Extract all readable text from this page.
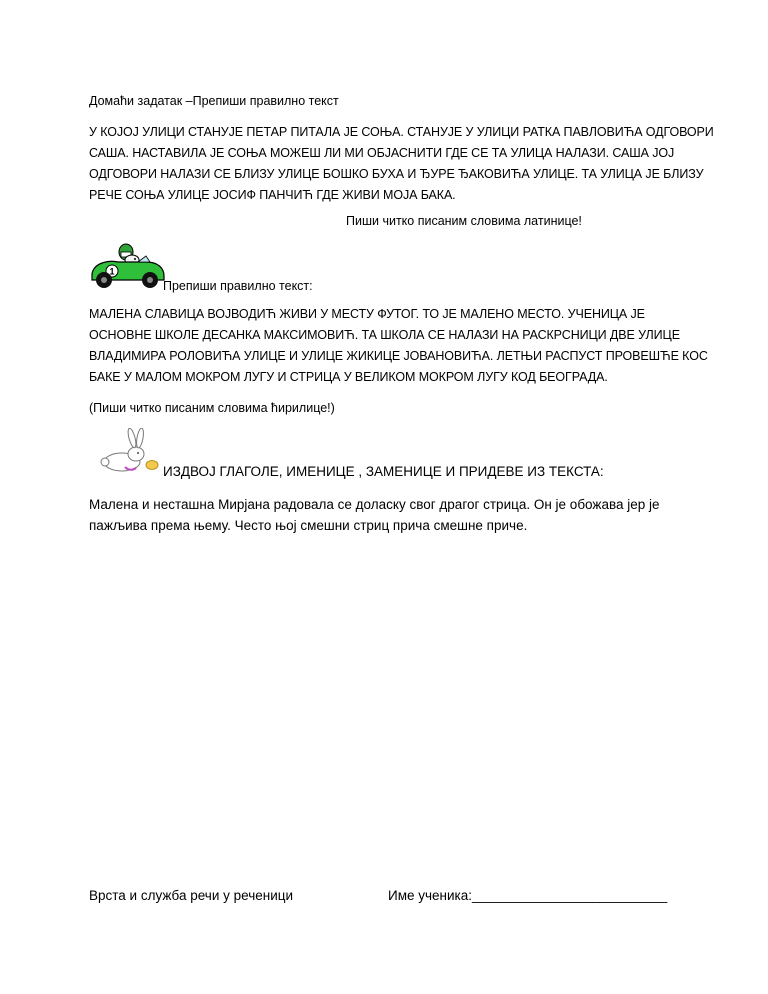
Домаћи задатак –Препиши правилно текст
У КОЈОЈ УЛИЦИ СТАНУЈЕ ПЕТАР ПИТАЛА ЈЕ СОЊА. СТАНУЈЕ У УЛИЦИ РАТКА ПАВЛОВИЋА ОДГОВОРИ
САША. НАСТАВИЛА ЈЕ СОЊА МОЖЕШ ЛИ МИ ОБЈАСНИТИ ГДЕ СЕ ТА УЛИЦА НАЛАЗИ. САША ЈОЈ
ОДГОВОРИ НАЛАЗИ СЕ БЛИЗУ УЛИЦЕ БОШКО БУХА И ЂУРЕ ЂАКОВИЋА УЛИЦЕ. ТА УЛИЦА ЈЕ БЛИЗУ
РЕЧЕ СОЊА УЛИЦЕ ЈОСИФ ПАНЧИЋ ГДЕ ЖИВИ МОЈА БАКА.
Пиши читко писаним словима латинице!
1
Препиши правилно текст:
МАЛЕНА СЛАВИЦА ВОЈВОДИЋ ЖИВИ У МЕСТУ ФУТОГ. ТО ЈЕ МАЛЕНО МЕСТО. УЧЕНИЦА ЈЕ
ОСНОВНЕ ШКОЛЕ ДЕСАНКА МАКСИМОВИЋ. ТА ШКОЛА СЕ НАЛАЗИ НА РАСКРСНИЦИ ДВЕ УЛИЦЕ
ВЛАДИМИРА РОЛОВИЋА УЛИЦЕ И УЛИЦЕ ЖИКИЦЕ ЈОВАНОВИЋА. ЛЕТЊИ РАСПУСТ ПРОВЕШЋЕ КОС
БАКЕ У МАЛОМ МОКРОМ ЛУГУ И СТРИЦА У ВЕЛИКОМ МОКРОМ ЛУГУ КОД БЕОГРАДА.
(Пиши читко писаним словима ћирилице!)
ИЗДВОЈ ГЛАГОЛЕ, ИМЕНИЦЕ , ЗАМЕНИЦЕ И ПРИДЕВЕ ИЗ ТЕКСТА:
Малена и несташна Мирјана радовала се доласку свог драгог стрица. Он је обожава јер је
пажљива према њему. Често њој смешни стриц прича смешне приче.
Врста и служба речи у реченици	Име ученика:__________________________
